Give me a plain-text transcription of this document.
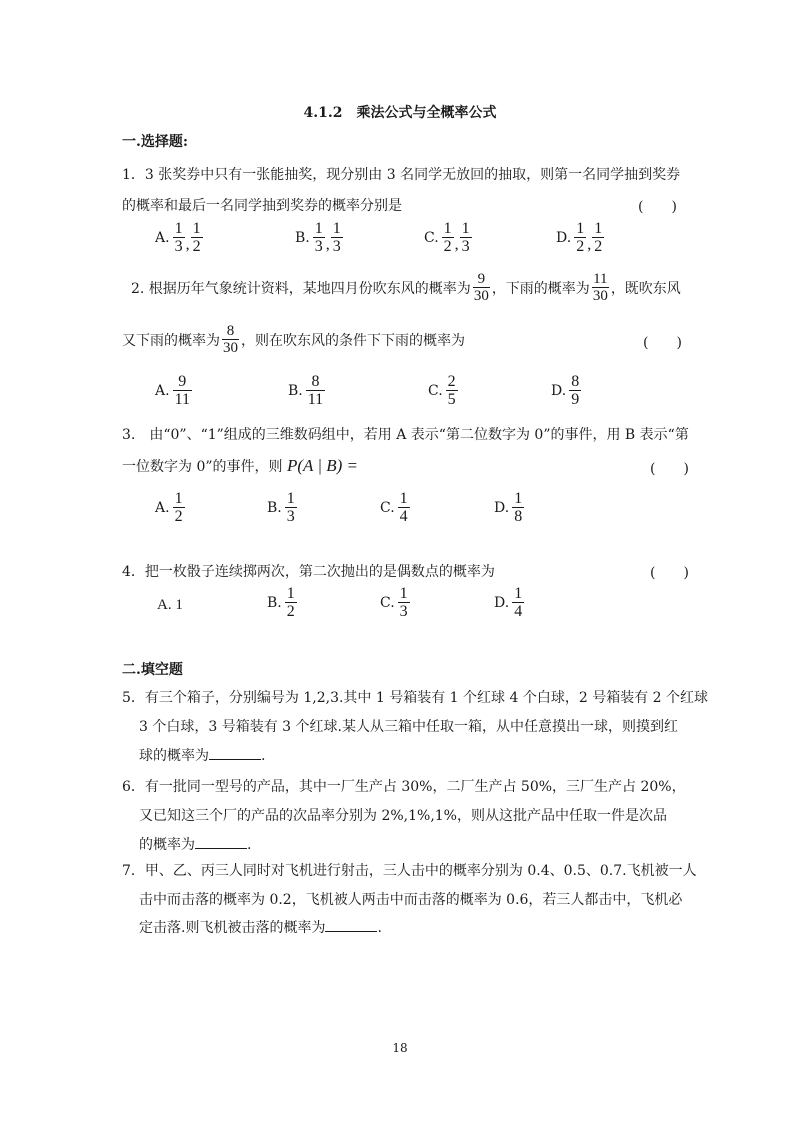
4.1.2　乘法公式与全概率公式
一.选择题:
1．3 张奖券中只有一张能抽奖，现分别由 3 名同学无放回的抽取，则第一名同学抽到奖券
的概率和最后一名同学抽到奖券的概率分别是	(　　)
A. $\frac{1}{3}$ , $\frac{1}{2}$	B. $\frac{1}{3}$ , $\frac{1}{3}$	C. $\frac{1}{2}$ , $\frac{1}{3}$	D. $\frac{1}{2}$ , $\frac{1}{2}$
2. 根据历年气象统计资料，某地四月份吹东风的概率为 $\frac{9}{30}$ ，下雨的概率为 $\frac{11}{30}$ ，既吹东风
又下雨的概率为 $\frac{8}{30}$ ，则在吹东风的条件下下雨的概率为	(　　)
A. $\frac{9}{11}$	B. $\frac{8}{11}$	C. $\frac{2}{5}$	D. $\frac{8}{9}$
3.　由“0”、“1”组成的三维数码组中，若用 A 表示“第二位数字为 0”的事件，用 B 表示“第
一位数字为 0”的事件，则 P(A | B) =	(　　)
A. $\frac{1}{2}$	B. $\frac{1}{3}$	C. $\frac{1}{4}$	D. $\frac{1}{8}$
4．把一枚骰子连续掷两次，第二次抛出的是偶数点的概率为	(　　)
A. 1	B. $\frac{1}{2}$	C. $\frac{1}{3}$	D. $\frac{1}{4}$
二.填空题
5．有三个箱子，分别编号为 1,2,3.其中 1 号箱装有 1 个红球 4 个白球，2 号箱装有 2 个红球
3 个白球，3 号箱装有 3 个红球.某人从三箱中任取一箱，从中任意摸出一球，则摸到红
球的概率为	.
6．有一批同一型号的产品，其中一厂生产占 30%，二厂生产占 50%，三厂生产占 20%，
又已知这三个厂的产品的次品率分别为 2%,1%,1%，则从这批产品中任取一件是次品
的概率为	.
7．甲、乙、丙三人同时对飞机进行射击，三人击中的概率分别为 0.4、0.5、0.7.飞机被一人
击中而击落的概率为 0.2，飞机被人两击中而击落的概率为 0.6，若三人都击中，飞机必
定击落.则飞机被击落的概率为	.
18
